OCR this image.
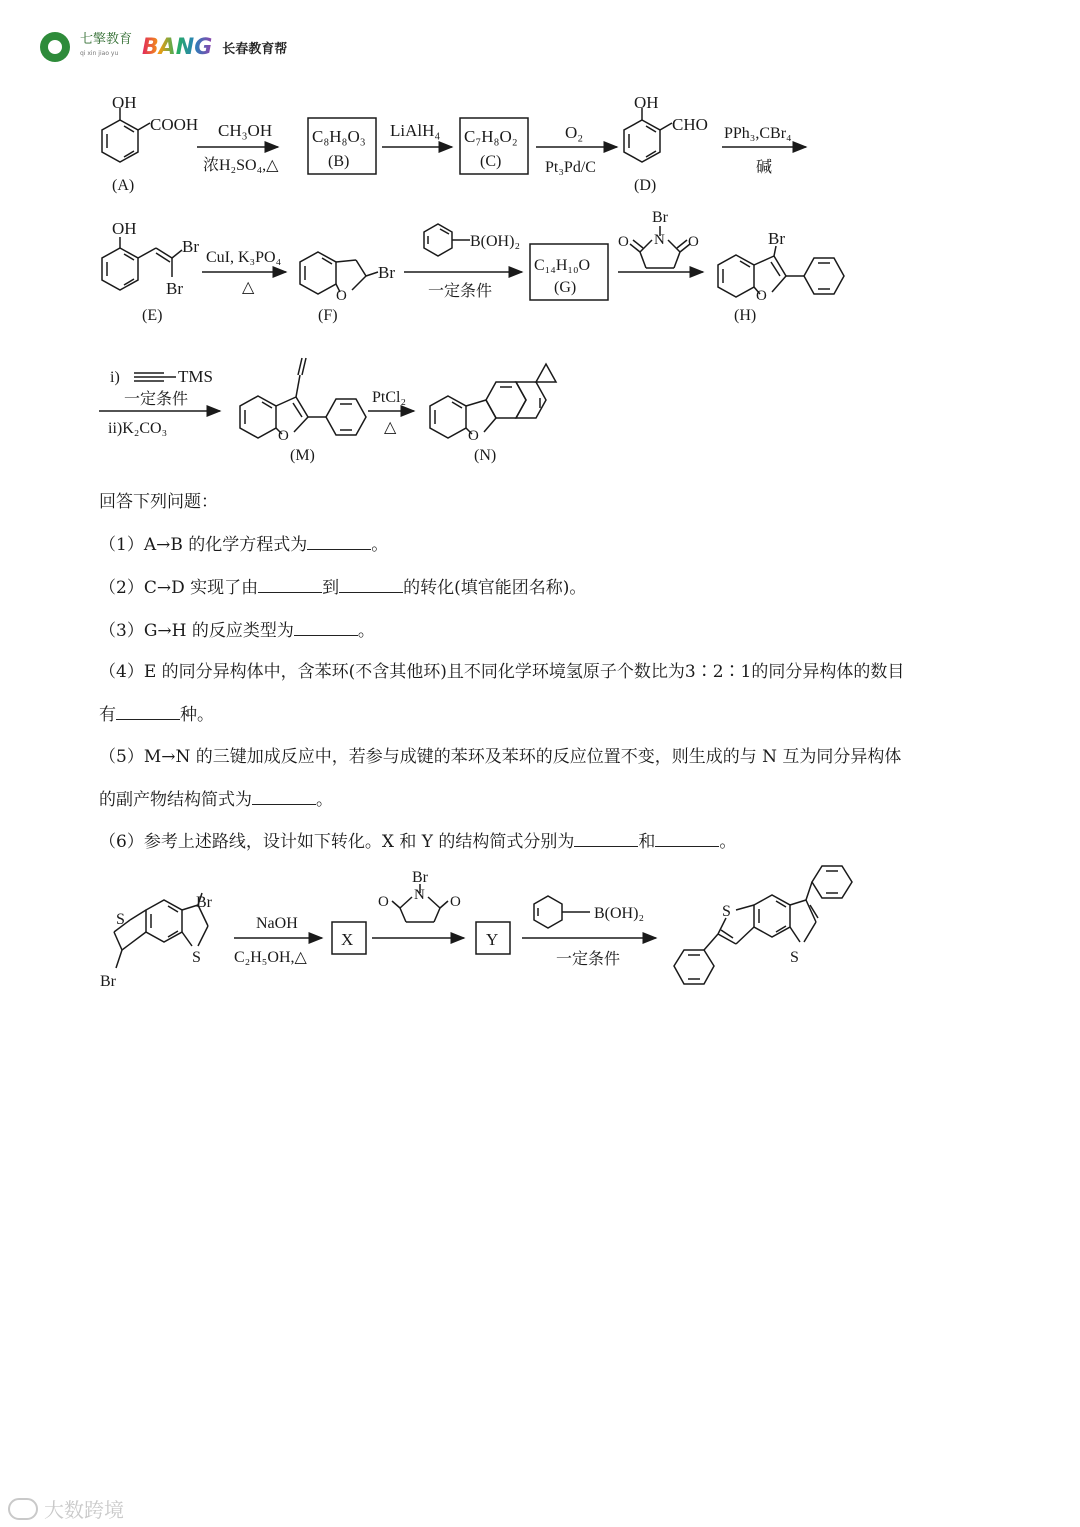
七擎教育
qi xin jiao yu	BANG 长春教育帮
OH
COOH
(A)
CH₃OH
浓H₂SO₄,△
C₈H₈O₃
(B)
LiAlH₄ C₇H₈O₂
(C)
O₂
Pt₃Pd/C
OH
CHO
(D)
PPh₃,CBr₄
碱
OH
Br
Br
(E)
CuI, K₃PO₄
△	O
Br
(F)
B(OH)₂
一定条件
C₁₄H₁₀O
(G)
Br
N
O	O	Br
O
(H)
i)	TMS
一定条件
ii)K₂CO₃	O
(M)
PtCl₂
△	O
(N)
S
S
Br
Br
NaOH
C₂H₅OH,△
X
Br
N
O	O
Y
B(OH)₂
一定条件
S
S
回答下列问题：
（1）A→B 的化学方程式为	。
（2）C→D 实现了由	到	的转化(填官能团名称)。
（3）G→H 的反应类型为	。
（4）E 的同分异构体中，含苯环(不含其他环)且不同化学环境氢原子个数比为3∶2∶1的同分异构体的数目
有	种。
（5）M→N 的三键加成反应中，若参与成键的苯环及苯环的反应位置不变，则生成的与 N 互为同分异构体
的副产物结构简式为	。
（6）参考上述路线，设计如下转化。X 和 Y 的结构简式分别为	和	。
大数跨境
